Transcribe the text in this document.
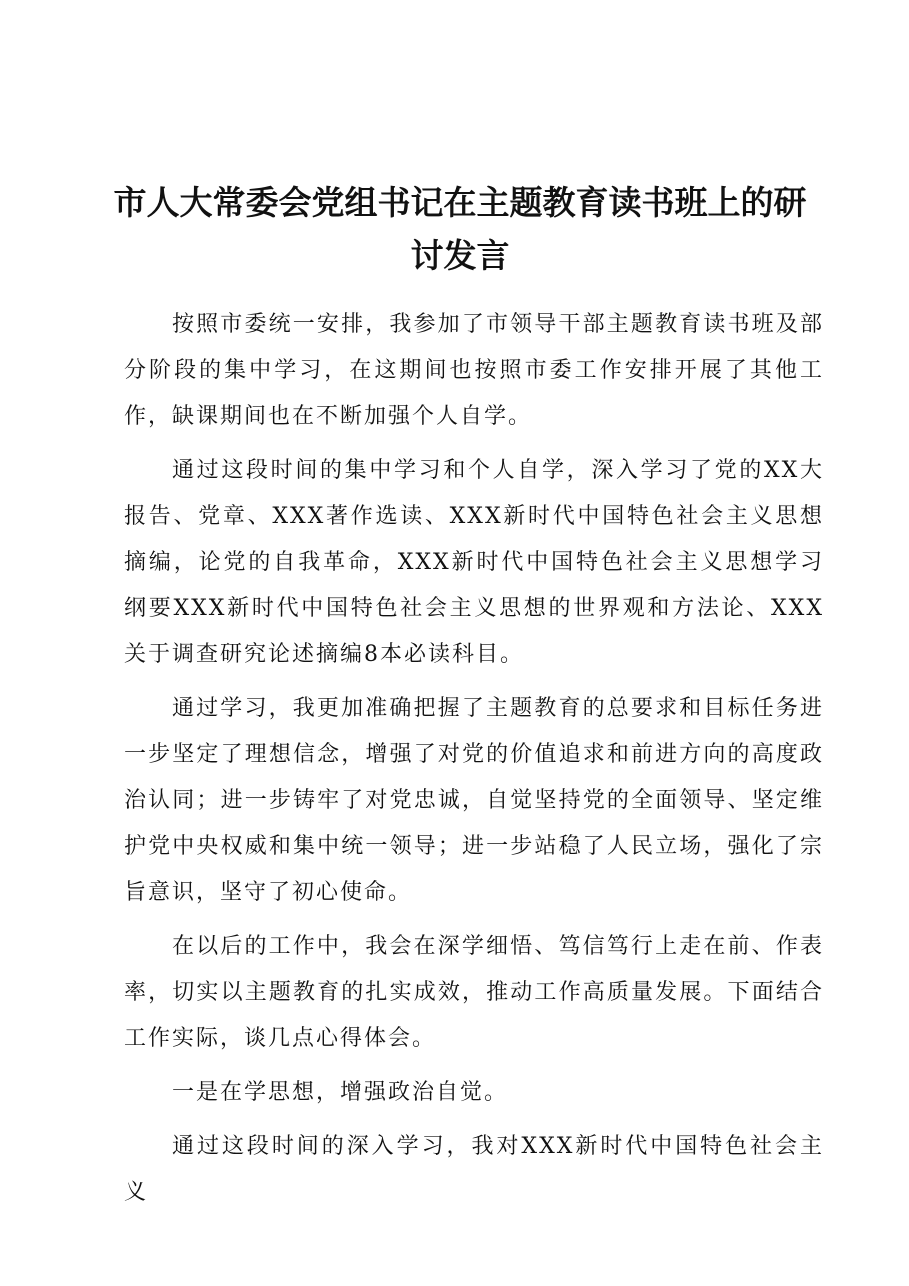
市人大常委会党组书记在主题教育读书班上的研讨发言

按照市委统一安排，我参加了市领导干部主题教育读书班及部分阶段的集中学习，在这期间也按照市委工作安排开展了其他工作，缺课期间也在不断加强个人自学。

通过这段时间的集中学习和个人自学，深入学习了党的XX大报告、党章、XXX著作选读、XXX新时代中国特色社会主义思想摘编，论党的自我革命，XXX新时代中国特色社会主义思想学习纲要XXX新时代中国特色社会主义思想的世界观和方法论、XXX关于调查研究论述摘编8本必读科目。

通过学习，我更加准确把握了主题教育的总要求和目标任务进一步坚定了理想信念，增强了对党的价值追求和前进方向的高度政治认同；进一步铸牢了对党忠诚，自觉坚持党的全面领导、坚定维护党中央权威和集中统一领导；进一步站稳了人民立场，强化了宗旨意识，坚守了初心使命。

在以后的工作中，我会在深学细悟、笃信笃行上走在前、作表率，切实以主题教育的扎实成效，推动工作高质量发展。下面结合工作实际，谈几点心得体会。

一是在学思想，增强政治自觉。

通过这段时间的深入学习，我对XXX新时代中国特色社会主义
